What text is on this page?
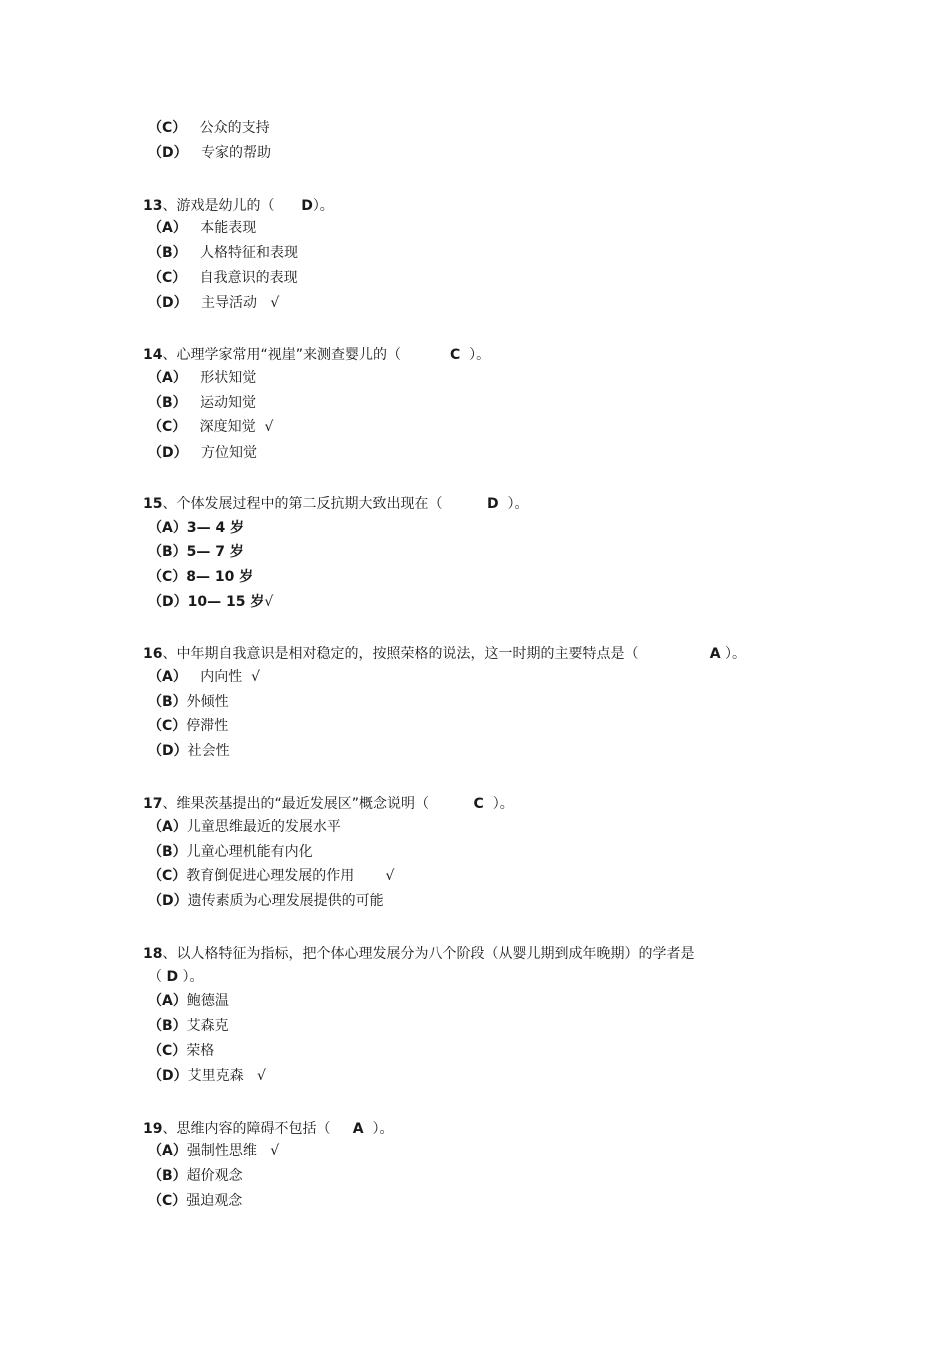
（C） 公众的支持
（D） 专家的帮助
13、游戏是幼儿的（ D）。
（A） 本能表现
（B） 人格特征和表现
（C） 自我意识的表现
（D） 主导活动 √
14、心理学家常用“视崖”来测查婴儿的（	C ）。
（A） 形状知觉
（B） 运动知觉
（C） 深度知觉 √
（D） 方位知觉
15、个体发展过程中的第二反抗期大致出现在（	D ）。
（A）3— 4 岁
（B）5— 7 岁
（C）8— 10 岁
（D）10— 15 岁√
16、中年期自我意识是相对稳定的，按照荣格的说法，这一时期的主要特点是（	A ）。
（A） 内向性 √
（B）外倾性
（C）停滞性
（D）社会性
17、维果茨基提出的“最近发展区”概念说明（	C ）。
（A）儿童思维最近的发展水平
（B）儿童心理机能有内化
（C）教育倒促进心理发展的作用 √
（D）遗传素质为心理发展提供的可能
18、以人格特征为指标，把个体心理发展分为八个阶段（从婴儿期到成年晚期）的学者是
（ D ）。
（A）鲍德温
（B）艾森克
（C）荣格
（D）艾里克森 √
19、思维内容的障碍不包括（ A ）。
（A）强制性思维 √
（B）超价观念
（C）强迫观念
